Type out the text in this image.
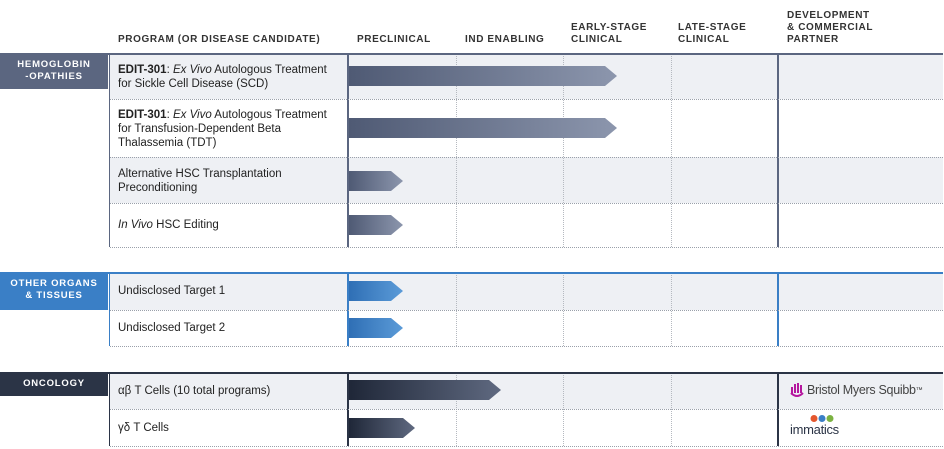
PROGRAM (OR DISEASE CANDIDATE)	PRECLINICAL	IND ENABLING
EARLY-STAGE
CLINICAL
LATE-STAGE
CLINICAL
DEVELOPMENT
& COMMERCIAL
PARTNER
HEMOGLOBIN
-OPATHIES
OTHER ORGANS
& TISSUES
ONCOLOGY
EDIT-301: Ex Vivo Autologous Treatment
for Sickle Cell Disease (SCD)
EDIT-301: Ex Vivo Autologous Treatment
for Transfusion-Dependent Beta
Thalassemia (TDT)
Alternative HSC Transplantation
Preconditioning
In Vivo HSC Editing
Undisclosed Target 1
Undisclosed Target 2
αβ T Cells (10 total programs)
γδ T Cells
Bristol Myers Squibb ™
immatics
